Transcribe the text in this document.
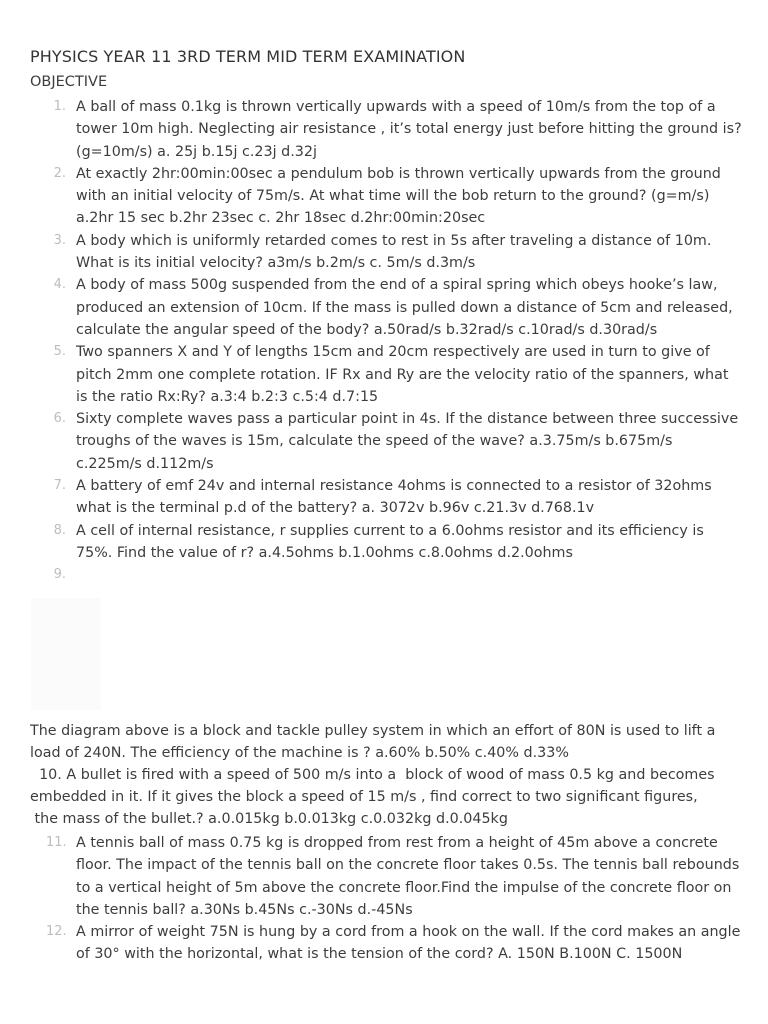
PHYSICS YEAR 11 3RD TERM MID TERM EXAMINATION
OBJECTIVE
1. A ball of mass 0.1kg is thrown vertically upwards with a speed of 10m/s from the top of a tower 10m high. Neglecting air resistance , it’s total energy just before hitting the ground is? (g=10m/s) a. 25j b.15j c.23j d.32j
2. At exactly 2hr:00min:00sec a pendulum bob is thrown vertically upwards from the ground with an initial velocity of 75m/s. At what time will the bob return to the ground? (g=m/s) a.2hr 15 sec b.2hr 23sec c. 2hr 18sec d.2hr:00min:20sec
3. A body which is uniformly retarded comes to rest in 5s after traveling a distance of 10m. What is its initial velocity? a3m/s b.2m/s c. 5m/s d.3m/s
4. A body of mass 500g suspended from the end of a spiral spring which obeys hooke’s law, produced an extension of 10cm. If the mass is pulled down a distance of 5cm and released, calculate the angular speed of the body? a.50rad/s b.32rad/s c.10rad/s d.30rad/s
5. Two spanners X and Y of lengths 15cm and 20cm respectively are used in turn to give of pitch 2mm one complete rotation. IF Rx and Ry are the velocity ratio of the spanners, what is the ratio Rx:Ry? a.3:4 b.2:3 c.5:4 d.7:15
6. Sixty complete waves pass a particular point in 4s. If the distance between three successive troughs of the waves is 15m, calculate the speed of the wave? a.3.75m/s b.675m/s c.225m/s d.112m/s
7. A battery of emf 24v and internal resistance 4ohms is connected to a resistor of 32ohms what is the terminal p.d of the battery? a. 3072v b.96v c.21.3v d.768.1v
8. A cell of internal resistance, r supplies current to a 6.0ohms resistor and its efficiency is 75%. Find the value of r? a.4.5ohms b.1.0ohms c.8.0ohms d.2.0ohms
9.
The diagram above is a block and tackle pulley system in which an effort of 80N is used to lift a
load of 240N. The efficiency of the machine is ? a.60% b.50% c.40% d.33%
10. A bullet is fired with a speed of 500 m/s into a  block of wood of mass 0.5 kg and becomes
embedded in it. If it gives the block a speed of 15 m/s , find correct to two significant figures,
the mass of the bullet.? a.0.015kg b.0.013kg c.0.032kg d.0.045kg
11. A tennis ball of mass 0.75 kg is dropped from rest from a height of 45m above a concrete floor. The impact of the tennis ball on the concrete floor takes 0.5s. The tennis ball rebounds to a vertical height of 5m above the concrete floor.Find the impulse of the concrete floor on the tennis ball? a.30Ns b.45Ns c.-30Ns d.-45Ns
12. A mirror of weight 75N is hung by a cord from a hook on the wall. If the cord makes an angle of 30° with the horizontal, what is the tension of the cord? A. 150N B.100N C. 1500N
